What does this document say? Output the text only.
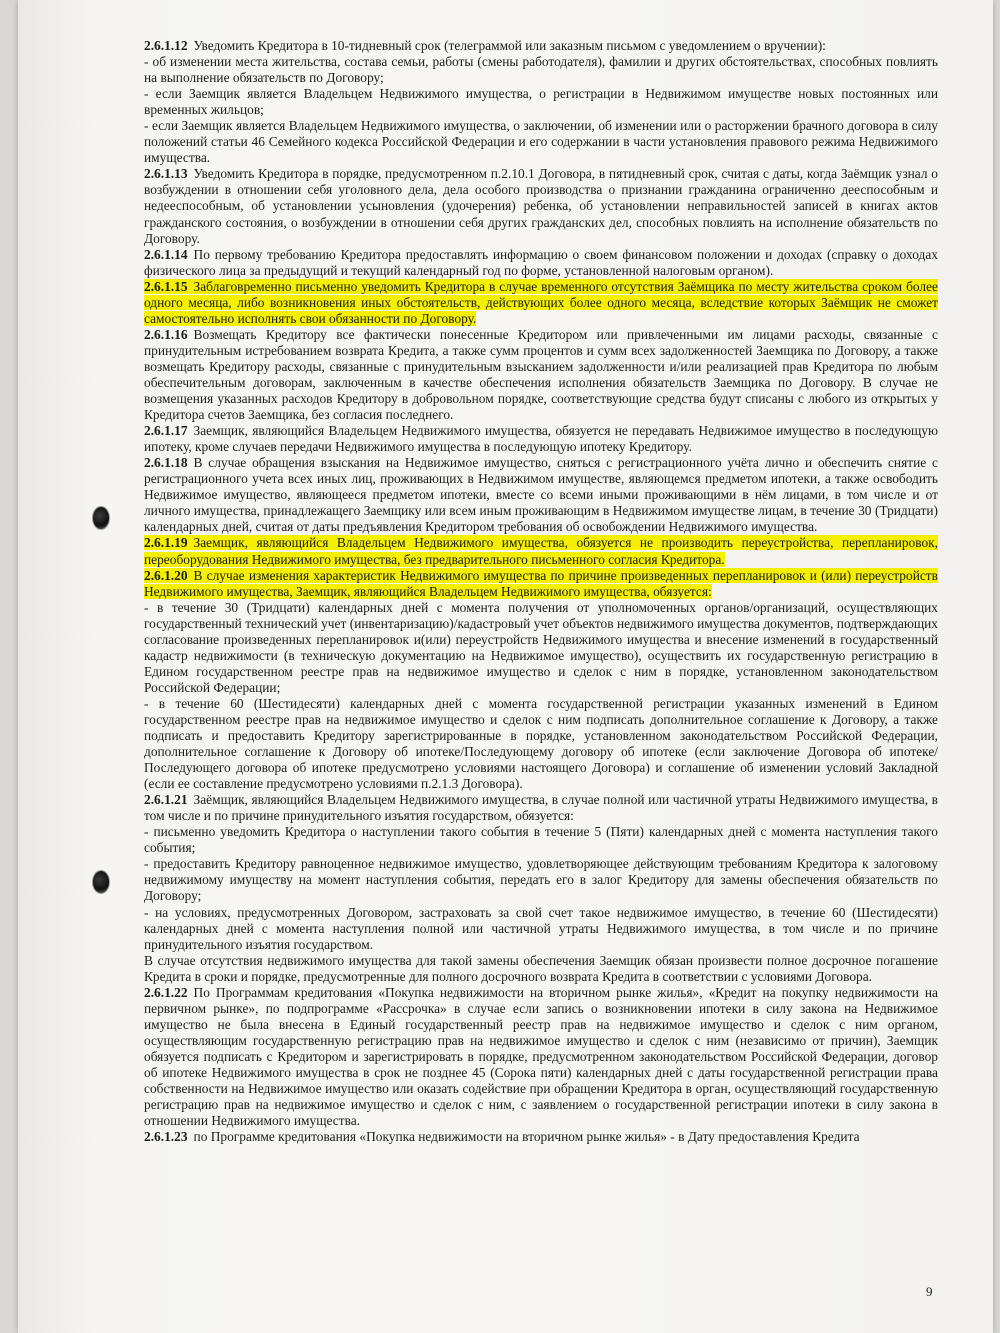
2.6.1.12 Уведомить Кредитора в 10-тидневный срок (телеграммой или заказным письмом с уведомлением о вручении):

- об изменении места жительства, состава семьи, работы (смены работодателя), фамилии и других обстоятельствах, способных повлиять на выполнение обязательств по Договору;

- если Заемщик является Владельцем Недвижимого имущества, о регистрации в Недвижимом имуществе новых постоянных или временных жильцов;

- если Заемщик является Владельцем Недвижимого имущества, о заключении, об изменении или о расторжении брачного договора в силу положений статьи 46 Семейного кодекса Российской Федерации и его содержании в части установления правового режима Недвижимого имущества.

2.6.1.13 Уведомить Кредитора в порядке, предусмотренном п.2.10.1 Договора, в пятидневный срок, считая с даты, когда Заёмщик узнал о возбуждении в отношении себя уголовного дела, дела особого производства о признании гражданина ограниченно дееспособным и недееспособным, об установлении усыновления (удочерения) ребенка, об установлении неправильностей записей в книгах актов гражданского состояния, о возбуждении в отношении себя других гражданских дел, способных повлиять на исполнение обязательств по Договору.

2.6.1.14 По первому требованию Кредитора предоставлять информацию о своем финансовом положении и доходах (справку о доходах физического лица за предыдущий и текущий календарный год по форме, установленной налоговым органом).

2.6.1.15 Заблаговременно письменно уведомить Кредитора в случае временного отсутствия Заёмщика по месту жительства сроком более одного месяца, либо возникновения иных обстоятельств, действующих более одного месяца, вследствие которых Заёмщик не сможет самостоятельно исполнять свои обязанности по Договору.

2.6.1.16 Возмещать Кредитору все фактически понесенные Кредитором или привлеченными им лицами расходы, связанные с принудительным истребованием возврата Кредита, а также сумм процентов и сумм всех задолженностей Заемщика по Договору, а также возмещать Кредитору расходы, связанные с принудительным взысканием задолженности и/или реализацией прав Кредитора по любым обеспечительным договорам, заключенным в качестве обеспечения исполнения обязательств Заемщика по Договору. В случае не возмещения указанных расходов Кредитору в добровольном порядке, соответствующие средства будут списаны с любого из открытых у Кредитора счетов Заемщика, без согласия последнего.

2.6.1.17 Заемщик, являющийся Владельцем Недвижимого имущества, обязуется не передавать Недвижимое имущество в последующую ипотеку, кроме случаев передачи Недвижимого имущества в последующую ипотеку Кредитору.

2.6.1.18 В случае обращения взыскания на Недвижимое имущество, сняться с регистрационного учёта лично и обеспечить снятие с регистрационного учета всех иных лиц, проживающих в Недвижимом имуществе, являющемся предметом ипотеки, а также освободить Недвижимое имущество, являющееся предметом ипотеки, вместе со всеми иными проживающими в нём лицами, в том числе и от личного имущества, принадлежащего Заемщику или всем иным проживающим в Недвижимом имуществе лицам, в течение 30 (Тридцати) календарных дней, считая от даты предъявления Кредитором требования об освобождении Недвижимого имущества.

2.6.1.19 Заемщик, являющийся Владельцем Недвижимого имущества, обязуется не производить переустройства, перепланировок, переоборудования Недвижимого имущества, без предварительного письменного согласия Кредитора.

2.6.1.20 В случае изменения характеристик Недвижимого имущества по причине произведенных перепланировок и (или) переустройств Недвижимого имущества, Заемщик, являющийся Владельцем Недвижимого имущества, обязуется:

- в течение 30 (Тридцати) календарных дней с момента получения от уполномоченных органов/организаций, осуществляющих государственный технический учет (инвентаризацию)/кадастровый учет объектов недвижимого имущества документов, подтверждающих согласование произведенных перепланировок и(или) переустройств Недвижимого имущества и внесение изменений в государственный кадастр недвижимости (в техническую документацию на Недвижимое имущество), осуществить их государственную регистрацию в Едином государственном реестре прав на недвижимое имущество и сделок с ним в порядке, установленном законодательством Российской Федерации;

- в течение 60 (Шестидесяти) календарных дней с момента государственной регистрации указанных изменений в Едином государственном реестре прав на недвижимое имущество и сделок с ним подписать дополнительное соглашение к Договору, а также подписать и предоставить Кредитору зарегистрированные в порядке, установленном законодательством Российской Федерации, дополнительное соглашение к Договору об ипотеке/Последующему договору об ипотеке (если заключение Договора об ипотеке/Последующего договора об ипотеке предусмотрено условиями настоящего Договора) и соглашение об изменении условий Закладной (если ее составление предусмотрено условиями п.2.1.3 Договора).

2.6.1.21 Заёмщик, являющийся Владельцем Недвижимого имущества, в случае полной или частичной утраты Недвижимого имущества, в том числе и по причине принудительного изъятия государством, обязуется:

- письменно уведомить Кредитора о наступлении такого события в течение 5 (Пяти) календарных дней с момента наступления такого события;

- предоставить Кредитору равноценное недвижимое имущество, удовлетворяющее действующим требованиям Кредитора к залоговому недвижимому имуществу на момент наступления события, передать его в залог Кредитору для замены обеспечения обязательств по Договору;

- на условиях, предусмотренных Договором, застраховать за свой счет такое недвижимое имущество, в течение 60 (Шестидесяти) календарных дней с момента наступления полной или частичной утраты Недвижимого имущества, в том числе и по причине принудительного изъятия государством.

В случае отсутствия недвижимого имущества для такой замены обеспечения Заемщик обязан произвести полное досрочное погашение Кредита в сроки и порядке, предусмотренные для полного досрочного возврата Кредита в соответствии с условиями Договора.

2.6.1.22 По Программам кредитования «Покупка недвижимости на вторичном рынке жилья», «Кредит на покупку недвижимости на первичном рынке», по подпрограмме «Рассрочка» в случае если запись о возникновении ипотеки в силу закона на Недвижимое имущество не была внесена в Единый государственный реестр прав на недвижимое имущество и сделок с ним органом, осуществляющим государственную регистрацию прав на недвижимое имущество и сделок с ним (независимо от причин), Заемщик обязуется подписать с Кредитором и зарегистрировать в порядке, предусмотренном законодательством Российской Федерации, договор об ипотеке Недвижимого имущества в срок не позднее 45 (Сорока пяти) календарных дней с даты государственной регистрации права собственности на Недвижимое имущество или оказать содействие при обращении Кредитора в орган, осуществляющий государственную регистрацию прав на недвижимое имущество и сделок с ним, с заявлением о государственной регистрации ипотеки в силу закона в отношении Недвижимого имущества.

2.6.1.23 по Программе кредитования «Покупка недвижимости на вторичном рынке жилья» - в Дату предоставления Кредита

9
